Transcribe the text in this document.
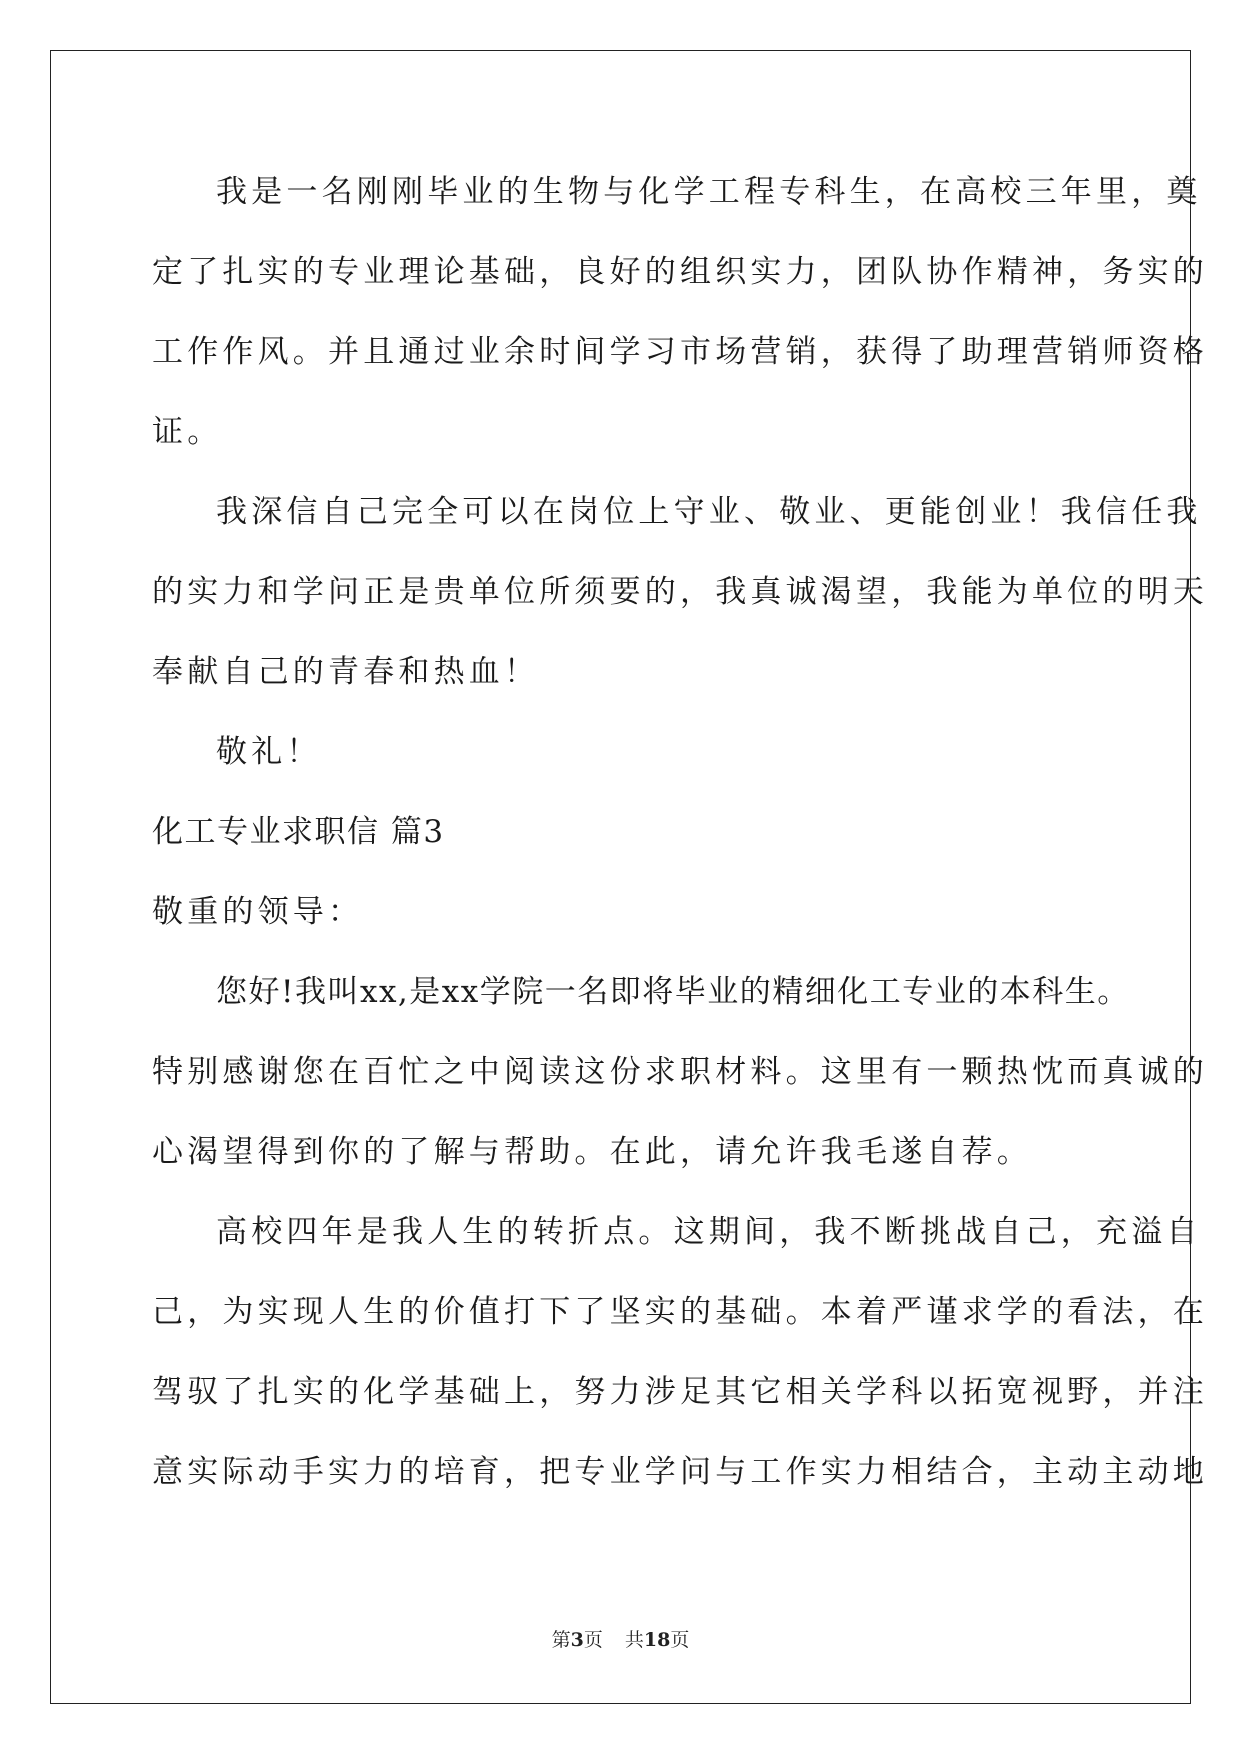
我是一名刚刚毕业的生物与化学工程专科生，在高校三年里，奠
定了扎实的专业理论基础，良好的组织实力，团队协作精神，务实的
工作作风。并且通过业余时间学习市场营销，获得了助理营销师资格
证。
我深信自己完全可以在岗位上守业、敬业、更能创业！我信任我
的实力和学问正是贵单位所须要的，我真诚渴望，我能为单位的明天
奉献自己的青春和热血！
敬礼！
化工专业求职信 篇3
敬重的领导：
您好!我叫xx,是xx学院一名即将毕业的精细化工专业的本科生。
特别感谢您在百忙之中阅读这份求职材料。这里有一颗热忱而真诚的
心渴望得到你的了解与帮助。在此，请允许我毛遂自荐。
高校四年是我人生的转折点。这期间，我不断挑战自己，充溢自
己，为实现人生的价值打下了坚实的基础。本着严谨求学的看法，在
驾驭了扎实的化学基础上，努力涉足其它相关学科以拓宽视野，并注
意实际动手实力的培育，把专业学问与工作实力相结合，主动主动地
第3页 共18页
